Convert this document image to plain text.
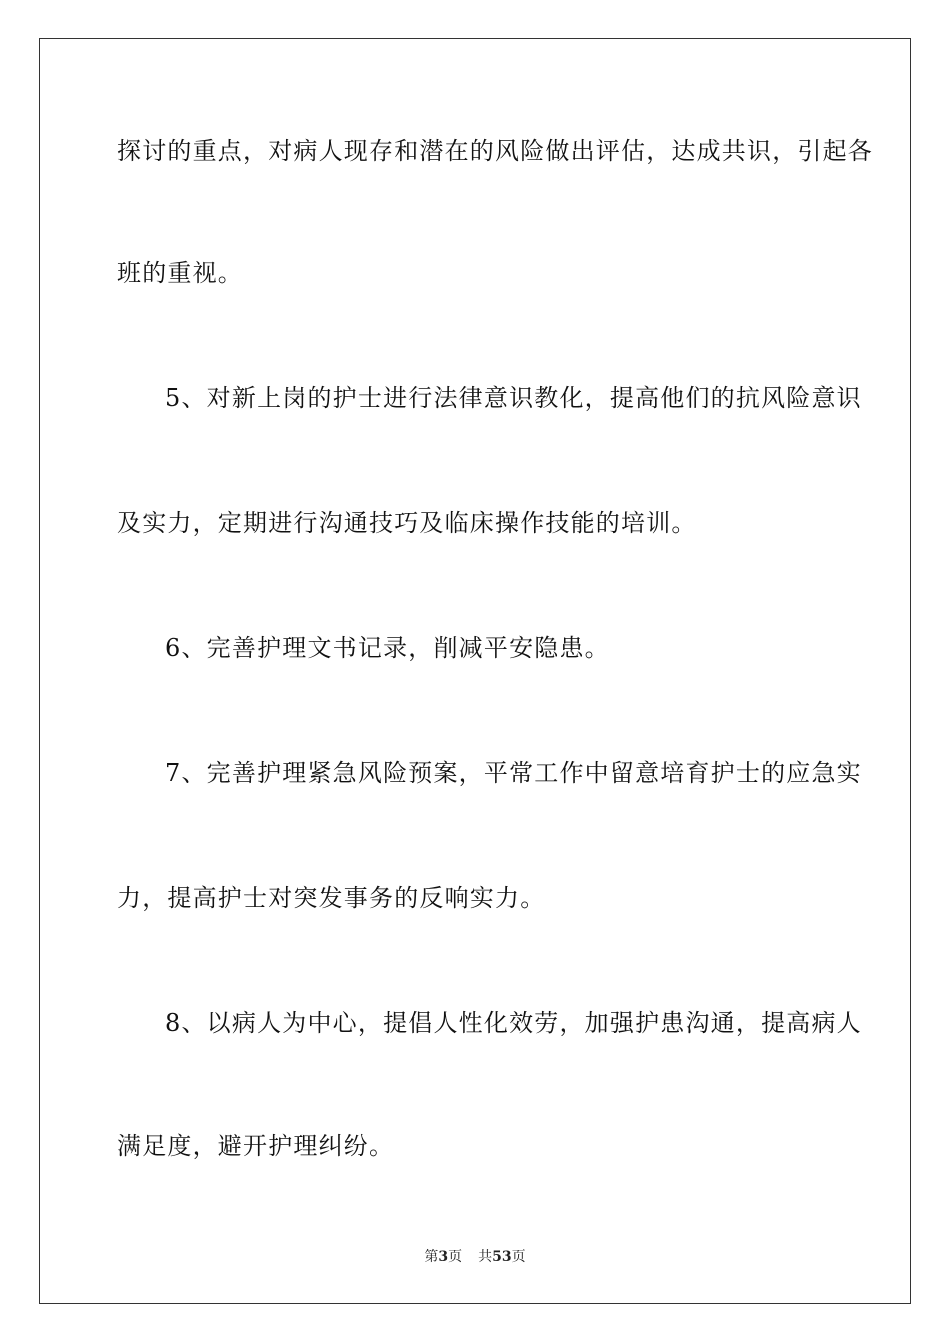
探讨的重点，对病人现存和潜在的风险做出评估，达成共识，引起各
班的重视。
5、对新上岗的护士进行法律意识教化，提高他们的抗风险意识
及实力，定期进行沟通技巧及临床操作技能的培训。
6、完善护理文书记录，削减平安隐患。
7、完善护理紧急风险预案，平常工作中留意培育护士的应急实
力，提高护士对突发事务的反响实力。
8、以病人为中心，提倡人性化效劳，加强护患沟通，提高病人
满足度，避开护理纠纷。
第3页 共53页
